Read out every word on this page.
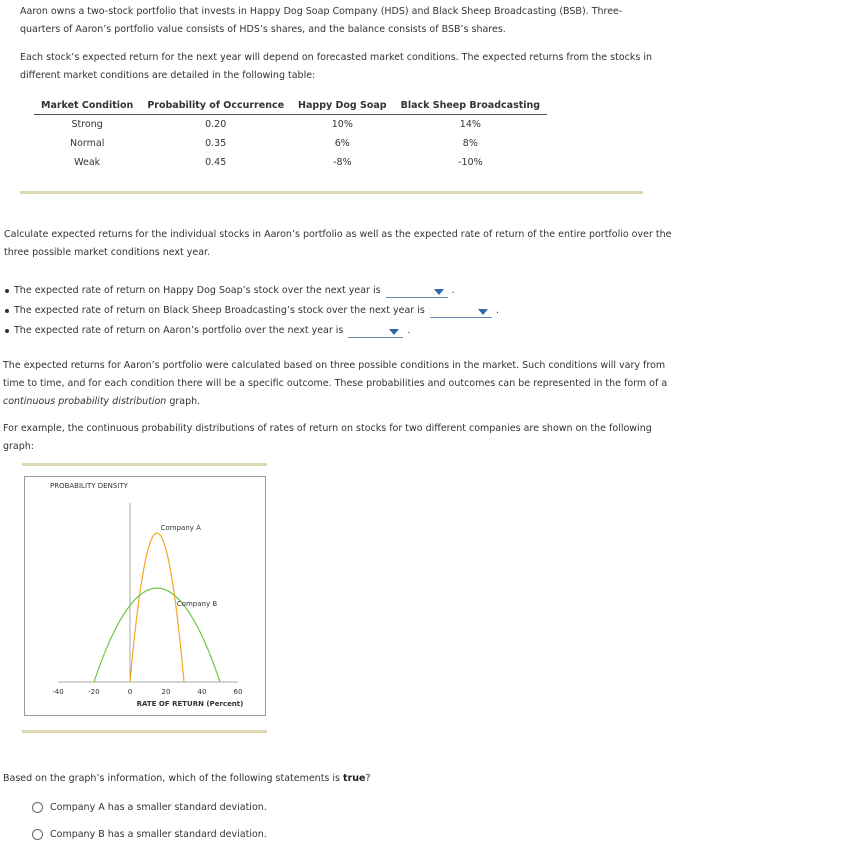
Aaron owns a two-stock portfolio that invests in Happy Dog Soap Company (HDS) and Black Sheep Broadcasting (BSB). Three-quarters of Aaron’s portfolio value consists of HDS’s shares, and the balance consists of BSB’s shares.

Each stock’s expected return for the next year will depend on forecasted market conditions. The expected returns from the stocks in different market conditions are detailed in the following table:

Market Condition	Probability of Occurrence	Happy Dog Soap	Black Sheep Broadcasting
Strong	0.20	10%	14%
Normal	0.35	6%	8%
Weak	0.45	-8%	-10%

Calculate expected returns for the individual stocks in Aaron’s portfolio as well as the expected rate of return of the entire portfolio over the three possible market conditions next year.

The expected rate of return on Happy Dog Soap’s stock over the next year is	.
The expected rate of return on Black Sheep Broadcasting’s stock over the next year is	.
The expected rate of return on Aaron’s portfolio over the next year is	.

The expected returns for Aaron’s portfolio were calculated based on three possible conditions in the market. Such conditions will vary from time to time, and for each condition there will be a specific outcome. These probabilities and outcomes can be represented in the form of a continuous probability distribution graph.

For example, the continuous probability distributions of rates of return on stocks for two different companies are shown on the following graph:

PROBABILITY DENSITY
-40	-20	0	20	40	60
RATE OF RETURN (Percent)
Company A
Company B

Based on the graph’s information, which of the following statements is true?

Company A has a smaller standard deviation.
Company B has a smaller standard deviation.
